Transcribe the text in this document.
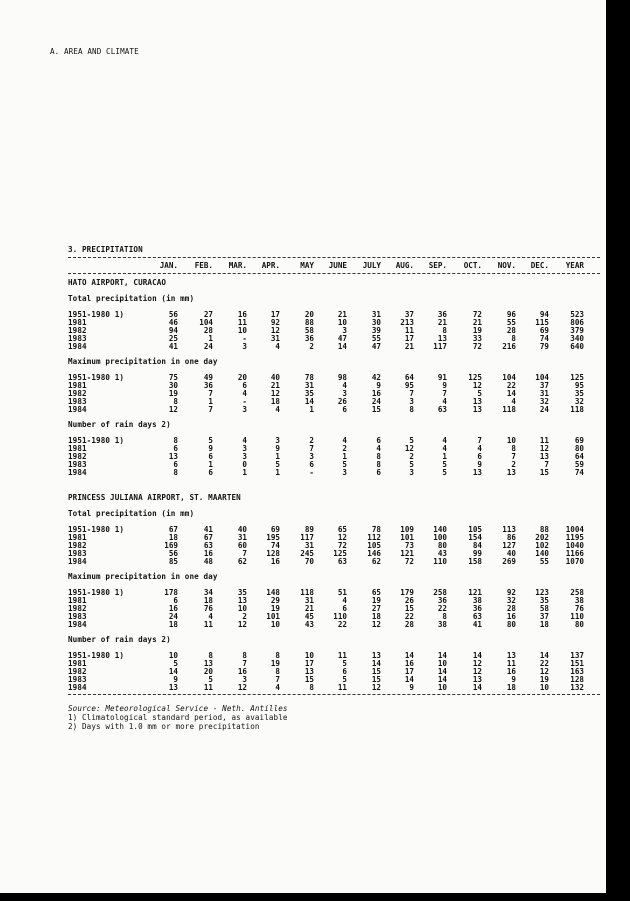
A. AREA AND CLIMATE
3. PRECIPITATION
Source: Meteorological Service - Neth. Antilles
1) Climatological standard period, as available
2) Days with 1.0 mm or more precipitation
JAN.	FEB.	MAR.	APR.	MAY	JUNE	JULY	AUG.	SEP.	OCT.	NOV.	DEC.	YEAR
HATO AIRPORT, CURACAO
Total precipitation (in mm)
1951-1980 1)	56	27	16	17	20	21	31	37	36	72	96	94	523
1981	46	104	11	92	88	10	30	213	21	21	55	115	806
1982	94	28	10	12	58	3	39	11	8	19	28	69	379
1983	25	1	-	31	36	47	55	17	13	33	8	74	340
1984	41	24	3	4	2	14	47	21	117	72	216	79	640
Maximum precipitation in one day
1951-1980 1)	75	49	20	40	78	98	42	64	91	125	104	104	125
1981	30	36	6	21	31	4	9	95	9	12	22	37	95
1982	19	7	4	12	35	3	16	7	7	5	14	31	35
1983	8	1	-	18	14	26	24	3	4	13	4	32	32
1984	12	7	3	4	1	6	15	8	63	13	118	24	118
Number of rain days 2)
1951-1980 1)	8	5	4	3	2	4	6	5	4	7	10	11	69
1981	6	9	3	9	7	2	4	12	4	4	8	12	80
1982	13	6	3	1	3	1	8	2	1	6	7	13	64
1983	6	1	0	5	6	5	8	5	5	9	2	7	59
1984	8	6	1	1	-	3	6	3	5	13	13	15	74
PRINCESS JULIANA AIRPORT, ST. MAARTEN
Total precipitation (in mm)
1951-1980 1)	67	41	40	69	89	65	78	109	140	105	113	88	1004
1981	18	67	31	195	117	12	112	101	100	154	86	202	1195
1982	169	63	60	74	31	72	105	73	80	84	127	102	1040
1983	56	16	7	128	245	125	146	121	43	99	40	140	1166
1984	85	48	62	16	70	63	62	72	110	158	269	55	1070
Maximum precipitation in one day
1951-1980 1)	178	34	35	148	118	51	65	179	258	121	92	123	258
1981	6	18	13	29	31	4	19	26	36	38	32	35	38
1982	16	76	10	19	21	6	27	15	22	36	28	58	76
1983	24	4	2	101	45	110	18	22	8	63	16	37	110
1984	18	11	12	10	43	22	12	28	38	41	80	18	80
Number of rain days 2)
1951-1980 1)	10	8	8	8	10	11	13	14	14	14	13	14	137
1981	5	13	7	19	17	5	14	16	10	12	11	22	151
1982	14	20	16	8	13	6	15	17	14	12	16	12	163
1983	9	5	3	7	15	5	15	14	14	13	9	19	128
1984	13	11	12	4	8	11	12	9	10	14	18	10	132
